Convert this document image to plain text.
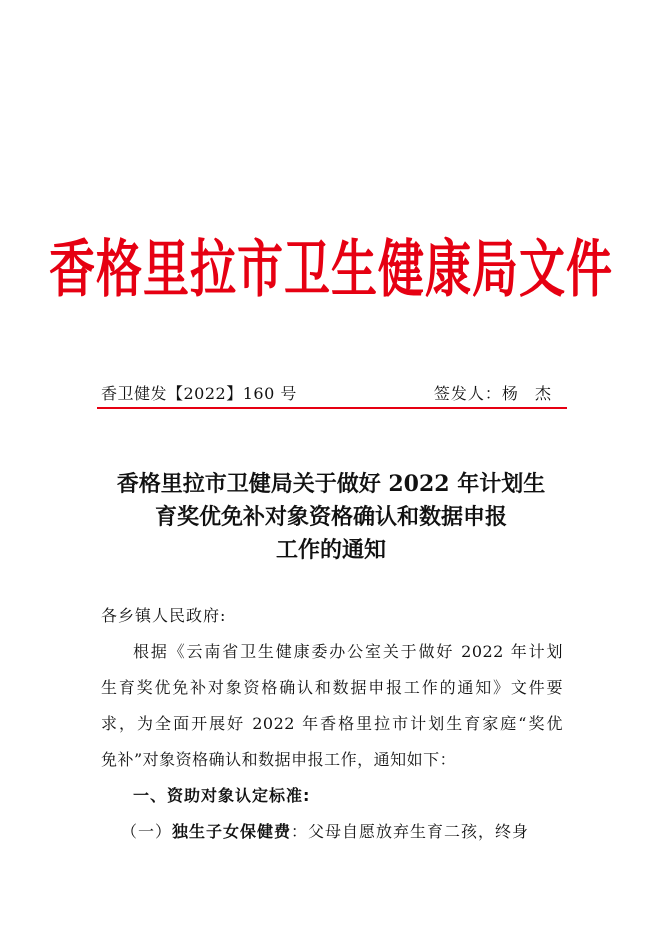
香格里拉市卫生健康局文件
香卫健发【2022】160 号	签发人：杨 杰
香格里拉市卫健局关于做好 2022 年计划生
育奖优免补对象资格确认和数据申报
工作的通知
各乡镇人民政府:
根据《云南省卫生健康委办公室关于做好 2022 年计划
生育奖优免补对象资格确认和数据申报工作的通知》文件要
求，为全面开展好 2022 年香格里拉市计划生育家庭“奖优
免补”对象资格确认和数据申报工作，通知如下：
一、资助对象认定标准:
（一）独生子女保健费：父母自愿放弃生育二孩，终身
